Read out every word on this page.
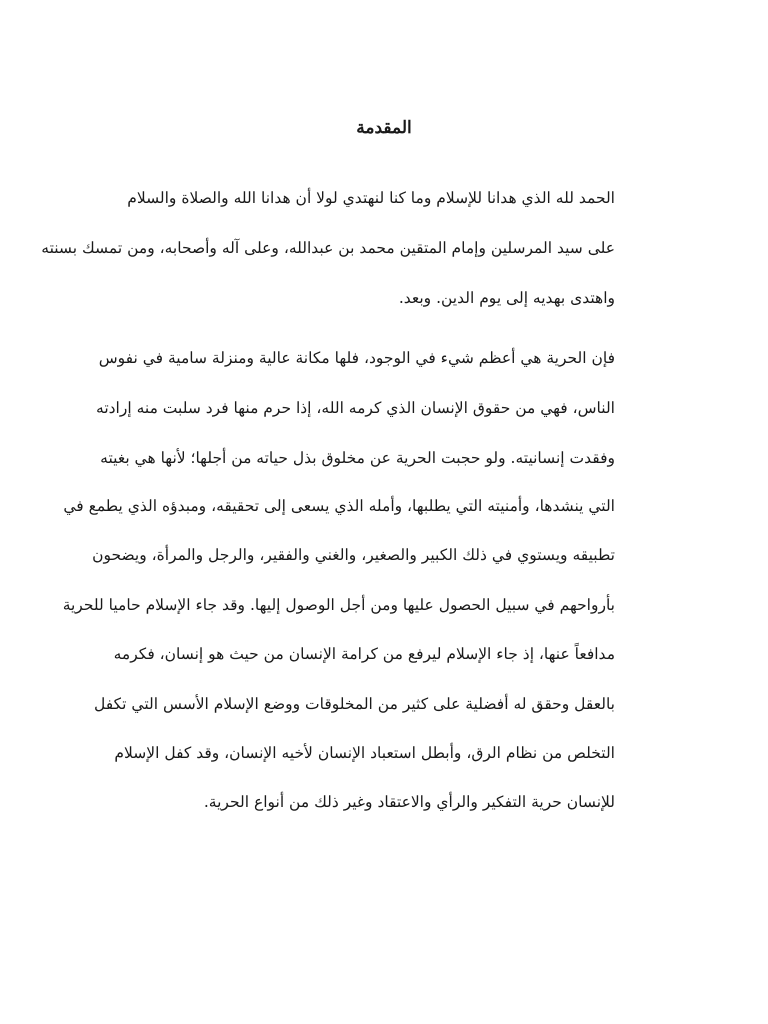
المقدمة
الحمد لله الذي هدانا للإسلام وما كنا لنهتدي لولا أن هدانا الله والصلاة والسلام
على سيد المرسلين وإمام المتقين محمد بن عبدالله، وعلى آله وأصحابه، ومن تمسك بسنته
واهتدى بهديه إلى يوم الدين. وبعد.
فإن الحرية هي أعظم شيء في الوجود، فلها مكانة عالية ومنزلة سامية في نفوس
الناس، فهي من حقوق الإنسان الذي كرمه الله، إذا حرم منها فرد سلبت منه إرادته
وفقدت إنسانيته. ولو حجبت الحرية عن مخلوق بذل حياته من أجلها؛ لأنها هي بغيته
التي ينشدها، وأمنيته التي يطلبها، وأمله الذي يسعى إلى تحقيقه، ومبدؤه الذي يطمع في
تطبيقه ويستوي في ذلك الكبير والصغير، والغني والفقير، والرجل والمرأة، ويضحون
بأرواحهم في سبيل الحصول عليها ومن أجل الوصول إليها. وقد جاء الإسلام حاميا للحرية
مدافعاً عنها، إذ جاء الإسلام ليرفع من كرامة الإنسان من حيث هو إنسان، فكرمه
بالعقل وحقق له أفضلية على كثير من المخلوقات ووضع الإسلام الأسس التي تكفل
التخلص من نظام الرق، وأبطل استعباد الإنسان لأخيه الإنسان، وقد كفل الإسلام
للإنسان حرية التفكير والرأي والاعتقاد وغير ذلك من أنواع الحرية.
